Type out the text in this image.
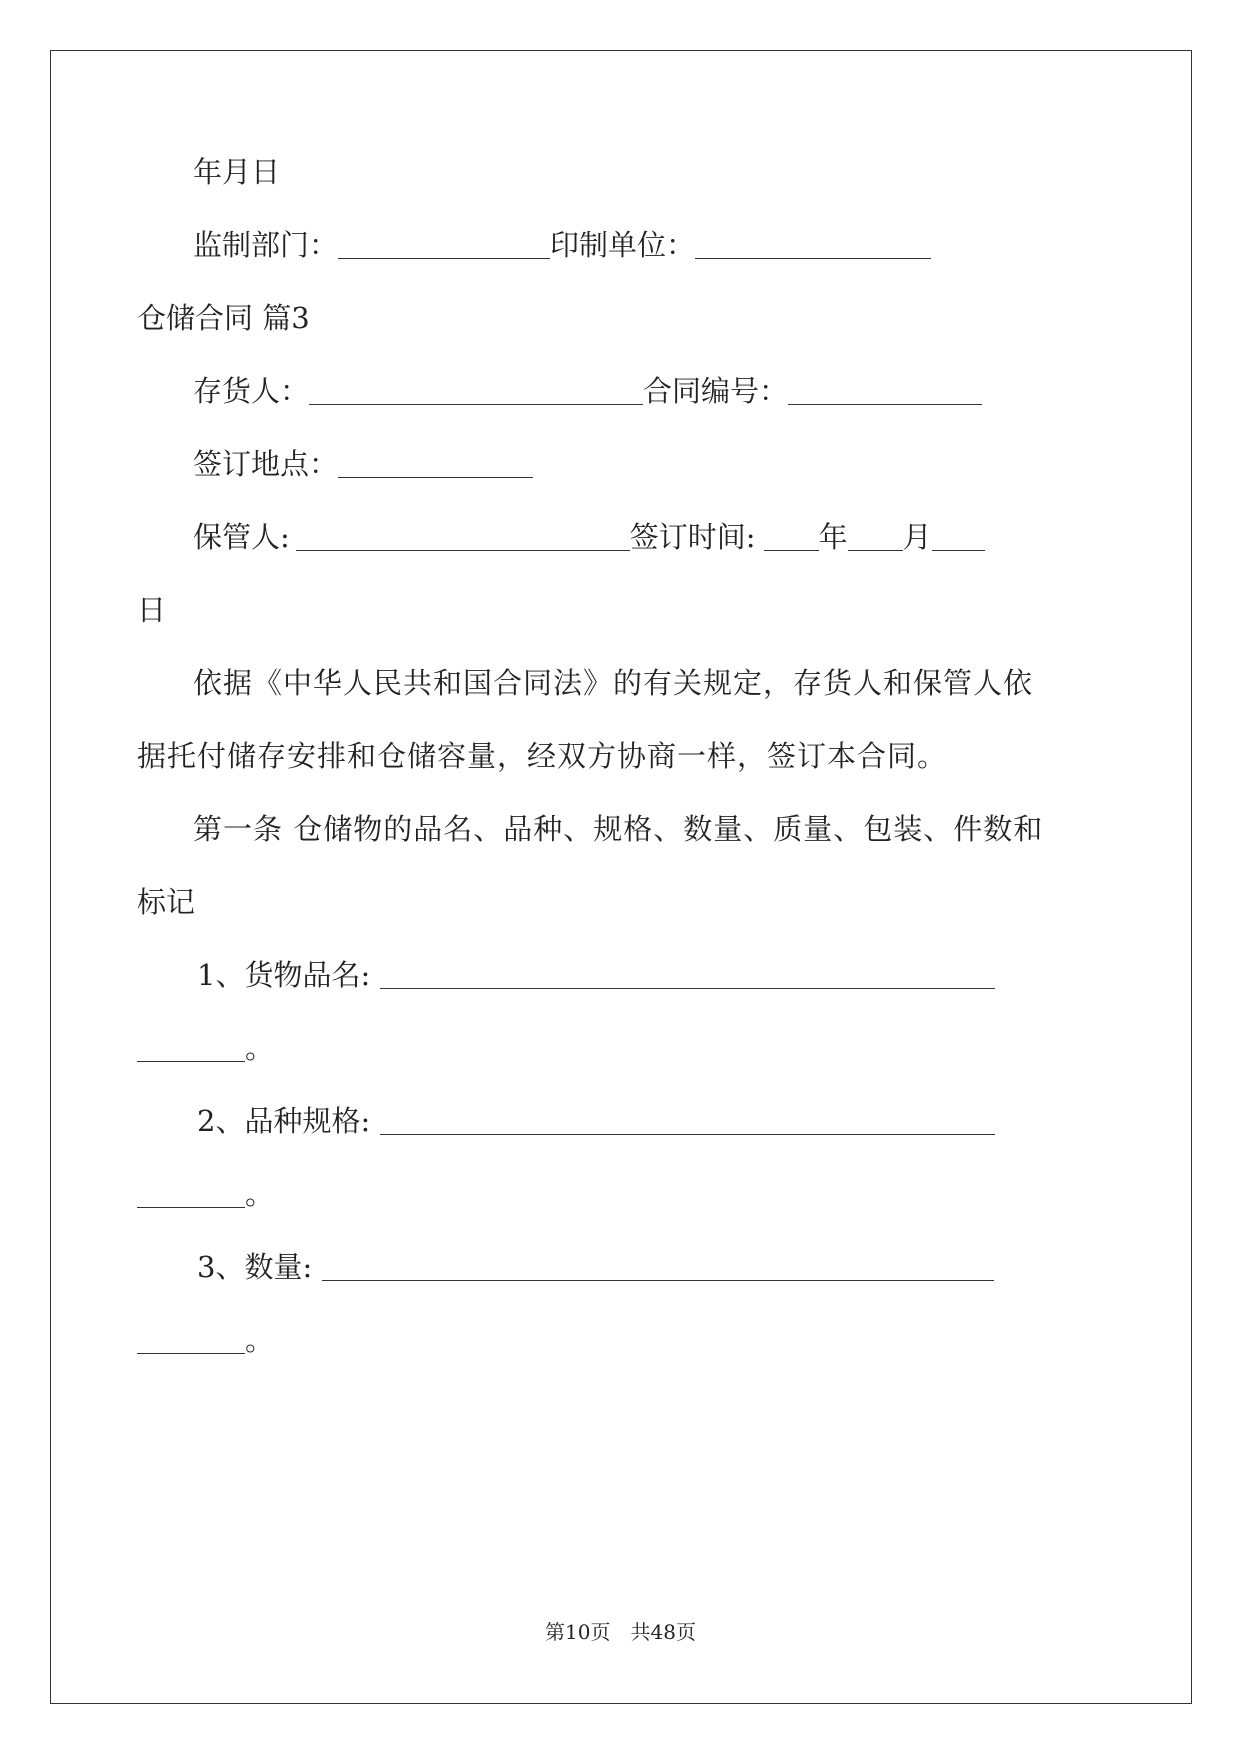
年月日
监制部门：	印制单位：
仓储合同 篇3
存货人：	合同编号：
签订地点：
保管人:	签订时间: 年 月
日
依据《中华人民共和国合同法》的有关规定，存货人和保管人依
据托付储存安排和仓储容量，经双方协商一样，签订本合同。
第一条 仓储物的品名、品种、规格、数量、质量、包装、件数和
标记
1、货物品名:
。
2、品种规格:
。
3、数量:
。
第10页　共48页
